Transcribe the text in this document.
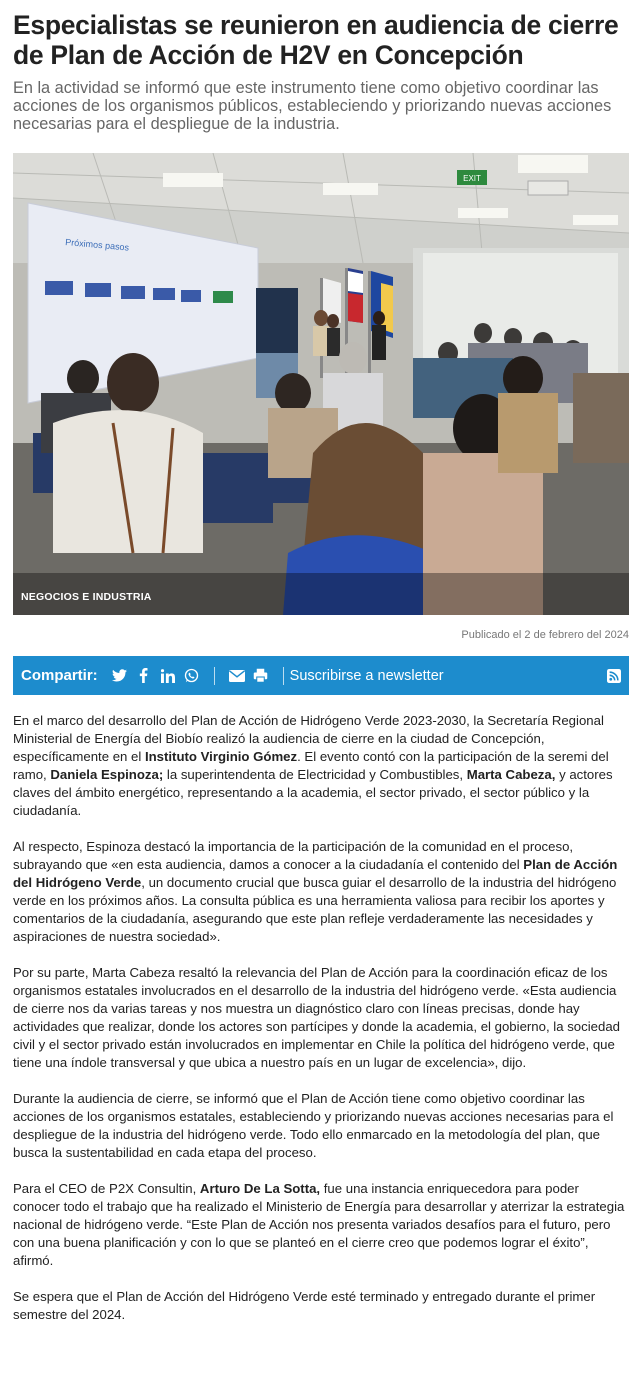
Especialistas se reunieron en audiencia de cierre de Plan de Acción de H2V en Concepción

En la actividad se informó que este instrumento tiene como objetivo coordinar las acciones de los organismos públicos, estableciendo y priorizando nuevas acciones necesarias para el despliegue de la industria.

EXIT
Próximos pasos
NEGOCIOS E INDUSTRIA
Publicado el 2 de febrero del 2024
Compartir:	Suscribirse a newsletter

En el marco del desarrollo del Plan de Acción de Hidrógeno Verde 2023-2030, la Secretaría Regional Ministerial de Energía del Biobío realizó la audiencia de cierre en la ciudad de Concepción, específicamente en el Instituto Virginio Gómez. El evento contó con la participación de la seremi del ramo, Daniela Espinoza; la superintendenta de Electricidad y Combustibles, Marta Cabeza, y actores claves del ámbito energético, representando a la academia, el sector privado, el sector público y la ciudadanía.

Al respecto, Espinoza destacó la importancia de la participación de la comunidad en el proceso, subrayando que «en esta audiencia, damos a conocer a la ciudadanía el contenido del Plan de Acción del Hidrógeno Verde, un documento crucial que busca guiar el desarrollo de la industria del hidrógeno verde en los próximos años. La consulta pública es una herramienta valiosa para recibir los aportes y comentarios de la ciudadanía, asegurando que este plan refleje verdaderamente las necesidades y aspiraciones de nuestra sociedad».

Por su parte, Marta Cabeza resaltó la relevancia del Plan de Acción para la coordinación eficaz de los organismos estatales involucrados en el desarrollo de la industria del hidrógeno verde. «Esta audiencia de cierre nos da varias tareas y nos muestra un diagnóstico claro con líneas precisas, donde hay actividades que realizar, donde los actores son partícipes y donde la academia, el gobierno, la sociedad civil y el sector privado están involucrados en implementar en Chile la política del hidrógeno verde, que tiene una índole transversal y que ubica a nuestro país en un lugar de excelencia», dijo.

Durante la audiencia de cierre, se informó que el Plan de Acción tiene como objetivo coordinar las acciones de los organismos estatales, estableciendo y priorizando nuevas acciones necesarias para el despliegue de la industria del hidrógeno verde. Todo ello enmarcado en la metodología del plan, que busca la sustentabilidad en cada etapa del proceso.

Para el CEO de P2X Consultin, Arturo De La Sotta, fue una instancia enriquecedora para poder conocer todo el trabajo que ha realizado el Ministerio de Energía para desarrollar y aterrizar la estrategia nacional de hidrógeno verde. “Este Plan de Acción nos presenta variados desafíos para el futuro, pero con una buena planificación y con lo que se planteó en el cierre creo que podemos lograr el éxito”, afirmó.

Se espera que el Plan de Acción del Hidrógeno Verde esté terminado y entregado durante el primer semestre del 2024.
